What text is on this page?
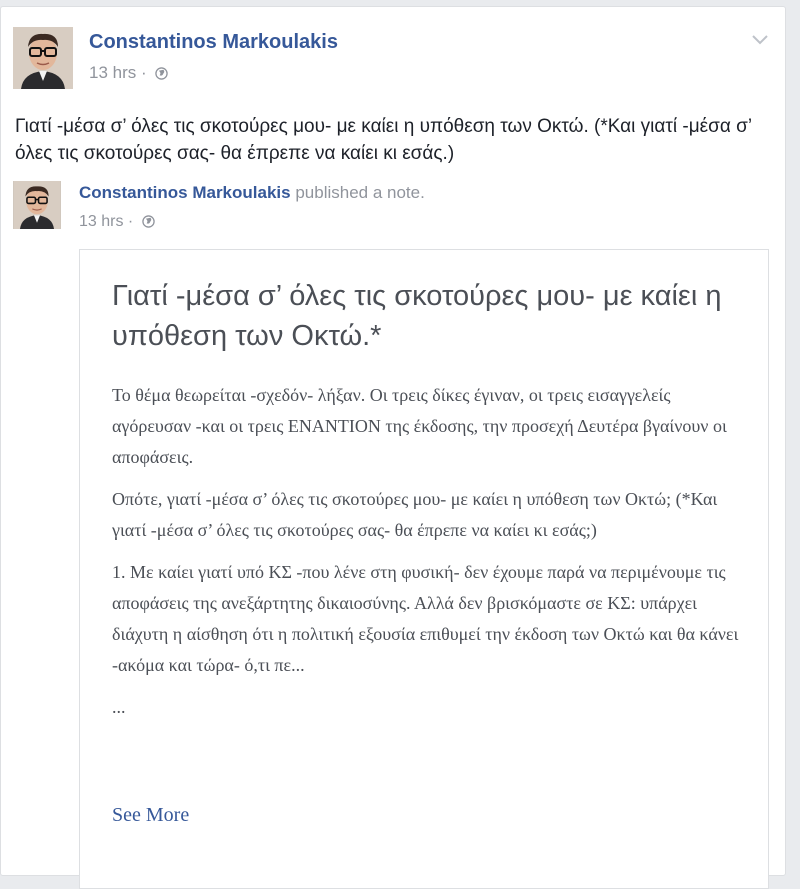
Constantinos Markoulakis
13 hrs ·
Γιατί -μέσα σ’ όλες τις σκοτούρες μου- με καίει η υπόθεση των Οκτώ. (*Και γιατί -μέσα σ’ όλες τις σκοτούρες σας- θα έπρεπε να καίει κι εσάς.)
Constantinos Markoulakis published a note.
13 hrs ·
Γιατί -μέσα σ’ όλες τις σκοτούρες μου- με καίει η υπόθεση των Οκτώ.*

Το θέμα θεωρείται -σχεδόν- λήξαν. Οι τρεις δίκες έγιναν, οι τρεις εισαγγελείς αγόρευσαν -και οι τρεις ΕΝΑΝΤΙΟΝ της έκδοσης, την προσεχή Δευτέρα βγαίνουν οι αποφάσεις.

Οπότε, γιατί -μέσα σ’ όλες τις σκοτούρες μου- με καίει η υπόθεση των Οκτώ; (*Και γιατί -μέσα σ’ όλες τις σκοτούρες σας- θα έπρεπε να καίει κι εσάς;)

1. Με καίει γιατί υπό ΚΣ -που λένε στη φυσική- δεν έχουμε παρά να περιμένουμε τις αποφάσεις της ανεξάρτητης δικαιοσύνης. Αλλά δεν βρισκόμαστε σε ΚΣ: υπάρχει διάχυτη η αίσθηση ότι η πολιτική εξουσία επιθυμεί την έκδοση των Οκτώ και θα κάνει -ακόμα και τώρα- ό,τι πε...

...

See More
